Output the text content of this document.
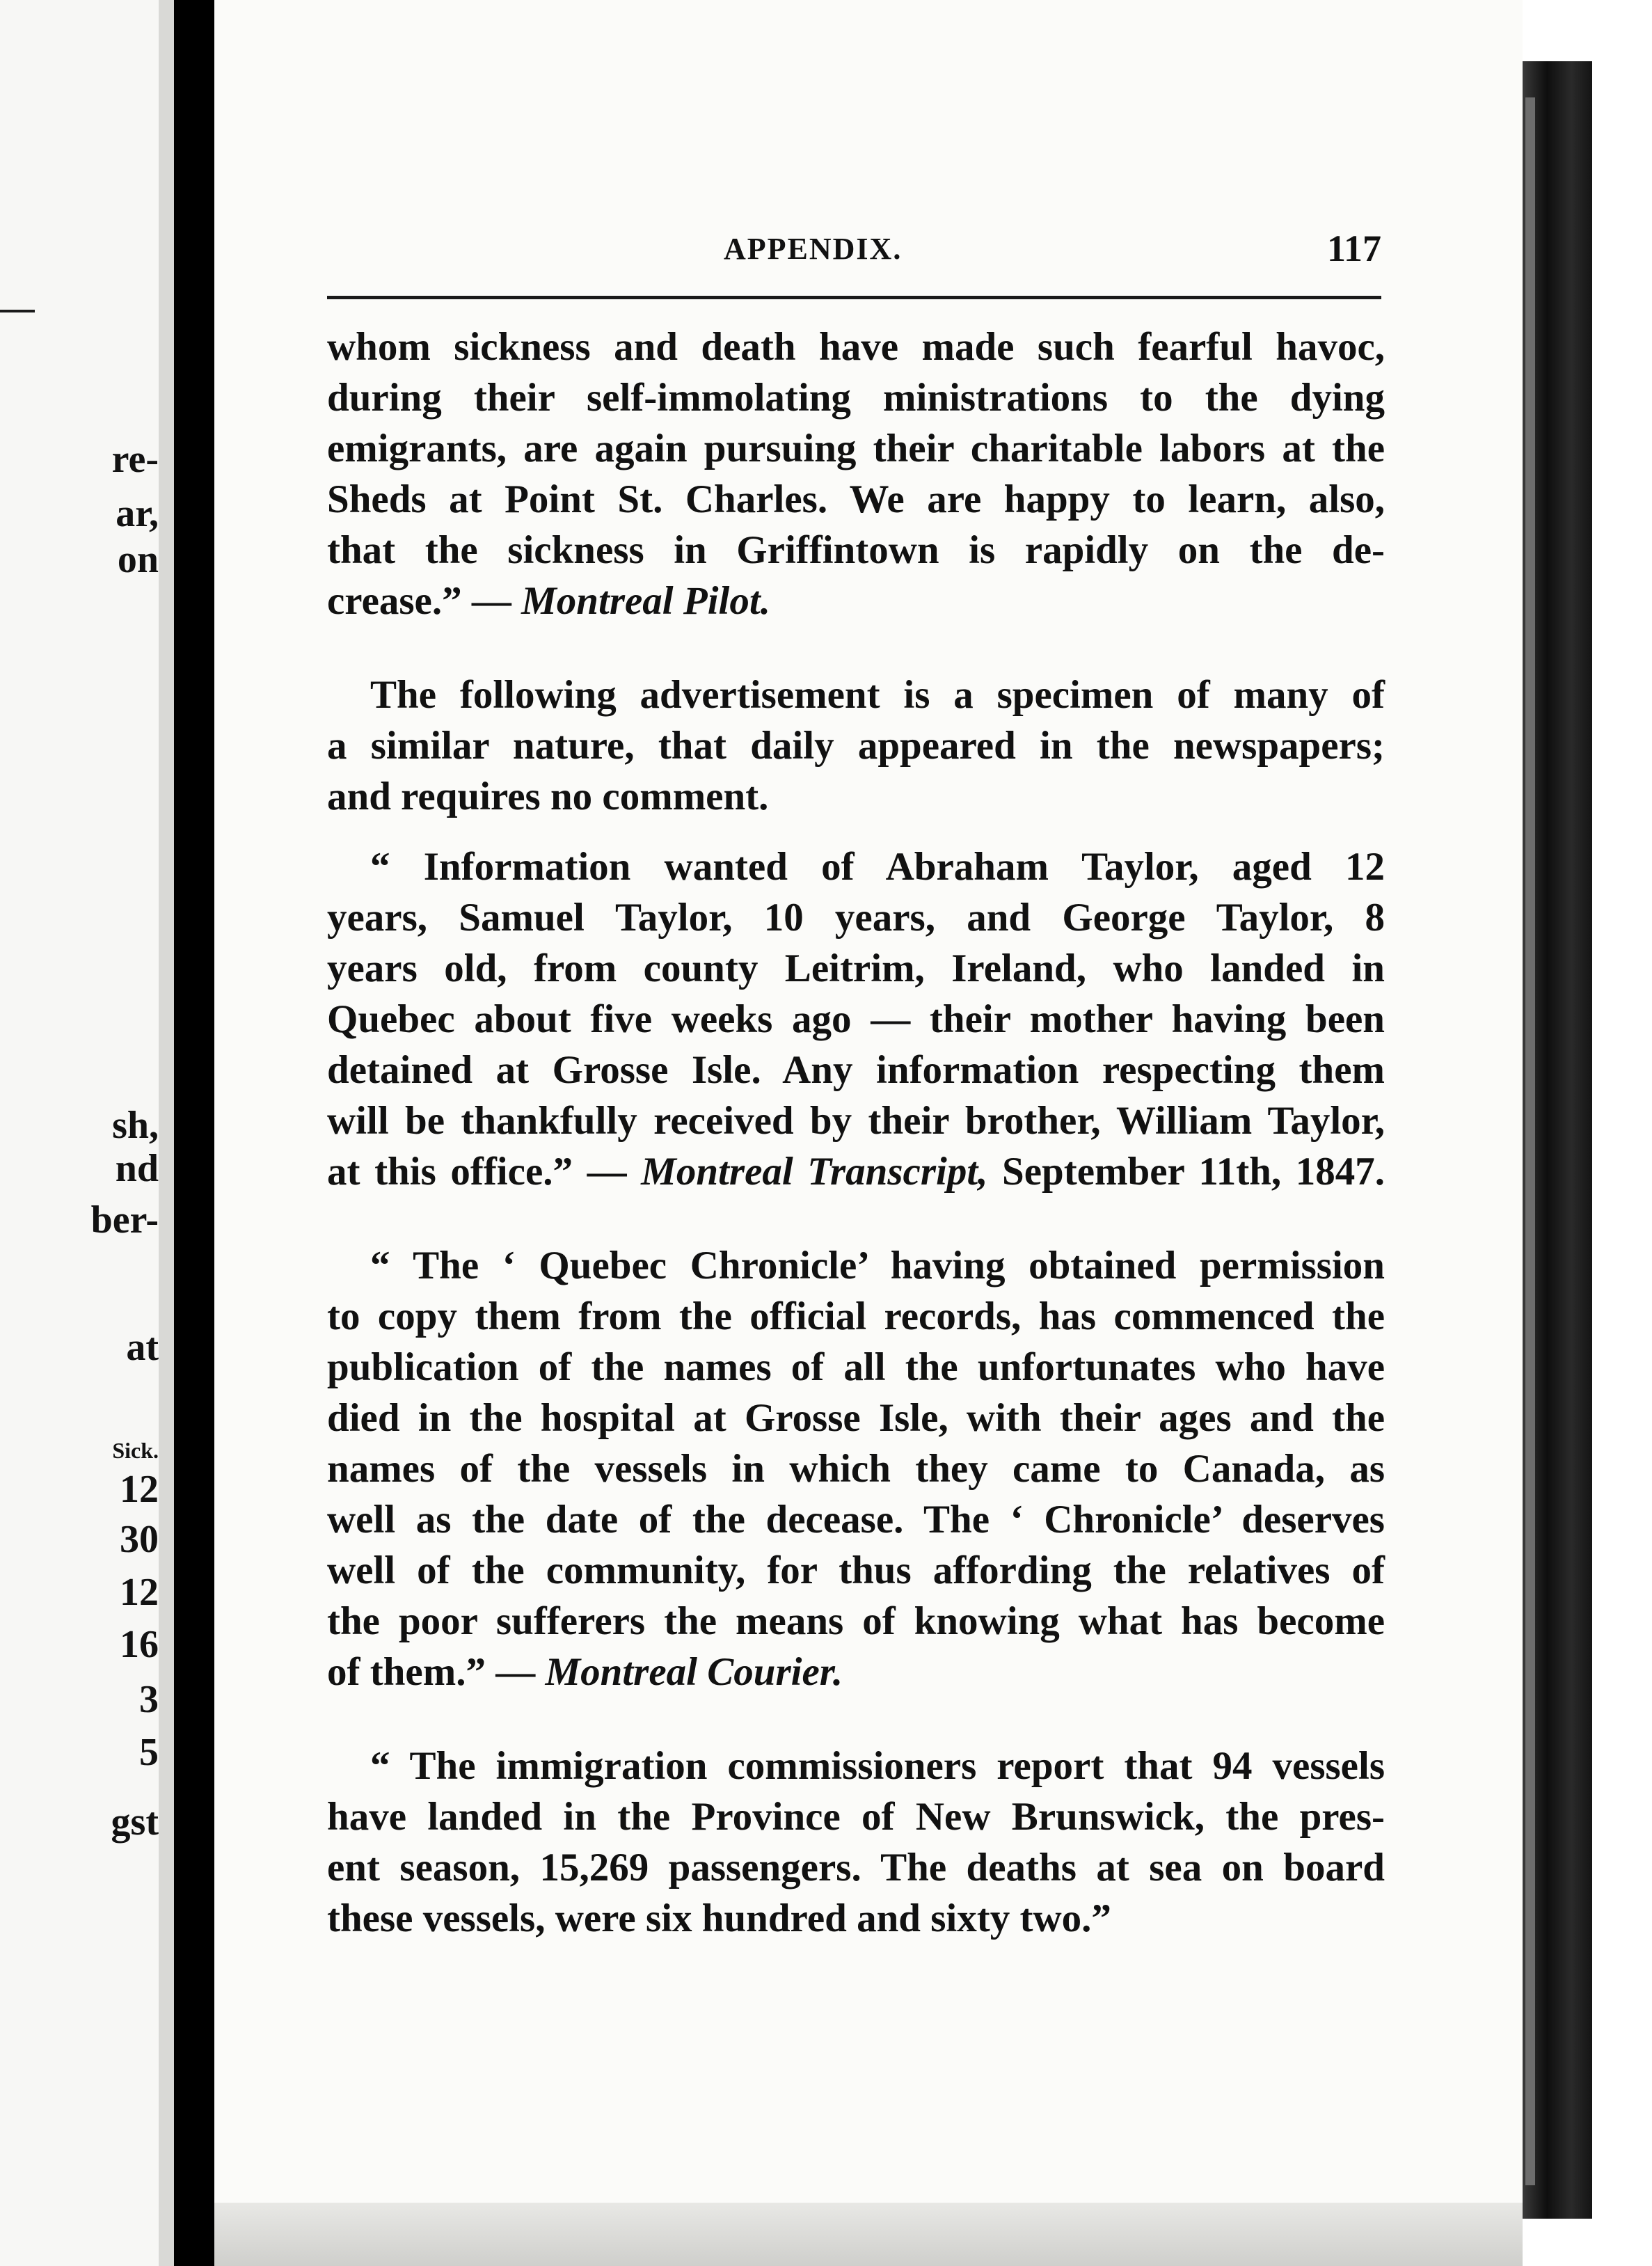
re-

ar,

on

sh,

nd

ber-

at

Sick.

12

30

12

16

3

5

gst

APPENDIX.	117
whom sickness and death have made such fearful havoc,
during their self-immolating ministrations to the dying
emigrants, are again pursuing their charitable labors at the
Sheds at Point St. Charles. We are happy to learn, also,
that the sickness in Griffintown is rapidly on the de-
crease.” — Montreal Pilot.
The following advertisement is a specimen of many of
a similar nature, that daily appeared in the newspapers;
and requires no comment.
“ Information wanted of Abraham Taylor, aged 12
years, Samuel Taylor, 10 years, and George Taylor, 8
years old, from county Leitrim, Ireland, who landed in
Quebec about five weeks ago — their mother having been
detained at Grosse Isle. Any information respecting them
will be thankfully received by their brother, William Taylor,
at this office.” — Montreal Transcript, September 11th, 1847.
“ The ‘ Quebec Chronicle’ having obtained permission
to copy them from the official records, has commenced the
publication of the names of all the unfortunates who have
died in the hospital at Grosse Isle, with their ages and the
names of the vessels in which they came to Canada, as
well as the date of the decease. The ‘ Chronicle’ deserves
well of the community, for thus affording the relatives of
the poor sufferers the means of knowing what has become
of them.” — Montreal Courier.
“ The immigration commissioners report that 94 vessels
have landed in the Province of New Brunswick, the pres-
ent season, 15,269 passengers. The deaths at sea on board
these vessels, were six hundred and sixty two.”
